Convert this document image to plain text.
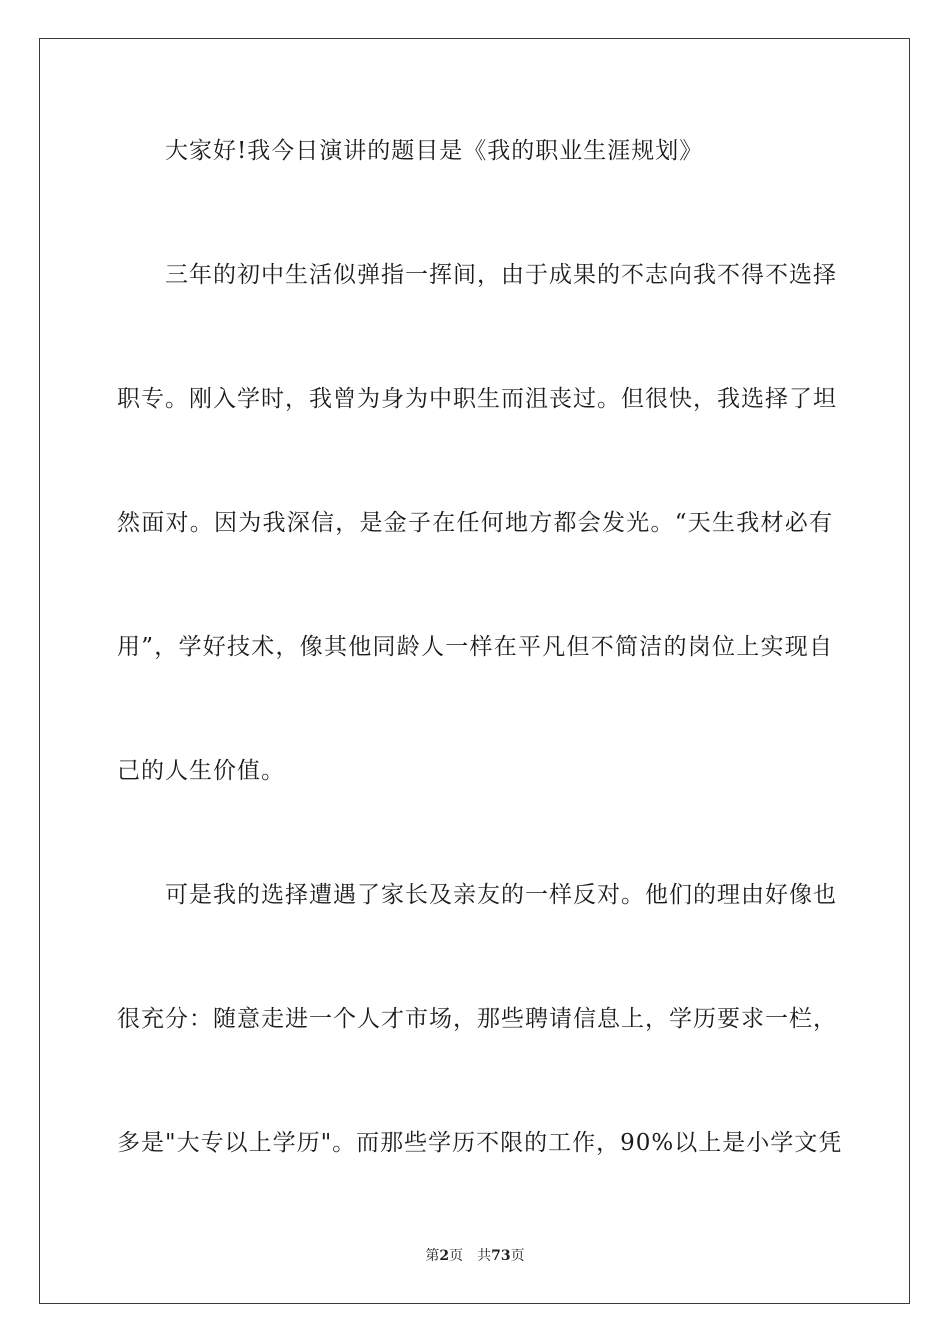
大家好!我今日演讲的题目是《我的职业生涯规划》
三年的初中生活似弹指一挥间，由于成果的不志向我不得不选择
职专。刚入学时，我曾为身为中职生而沮丧过。但很快，我选择了坦
然面对。因为我深信，是金子在任何地方都会发光。“天生我材必有
用”，学好技术，像其他同龄人一样在平凡但不简洁的岗位上实现自
己的人生价值。
可是我的选择遭遇了家长及亲友的一样反对。他们的理由好像也
很充分：随意走进一个人才市场，那些聘请信息上，学历要求一栏，
多是"大专以上学历"。而那些学历不限的工作，90%以上是小学文凭
第2页 共73页
